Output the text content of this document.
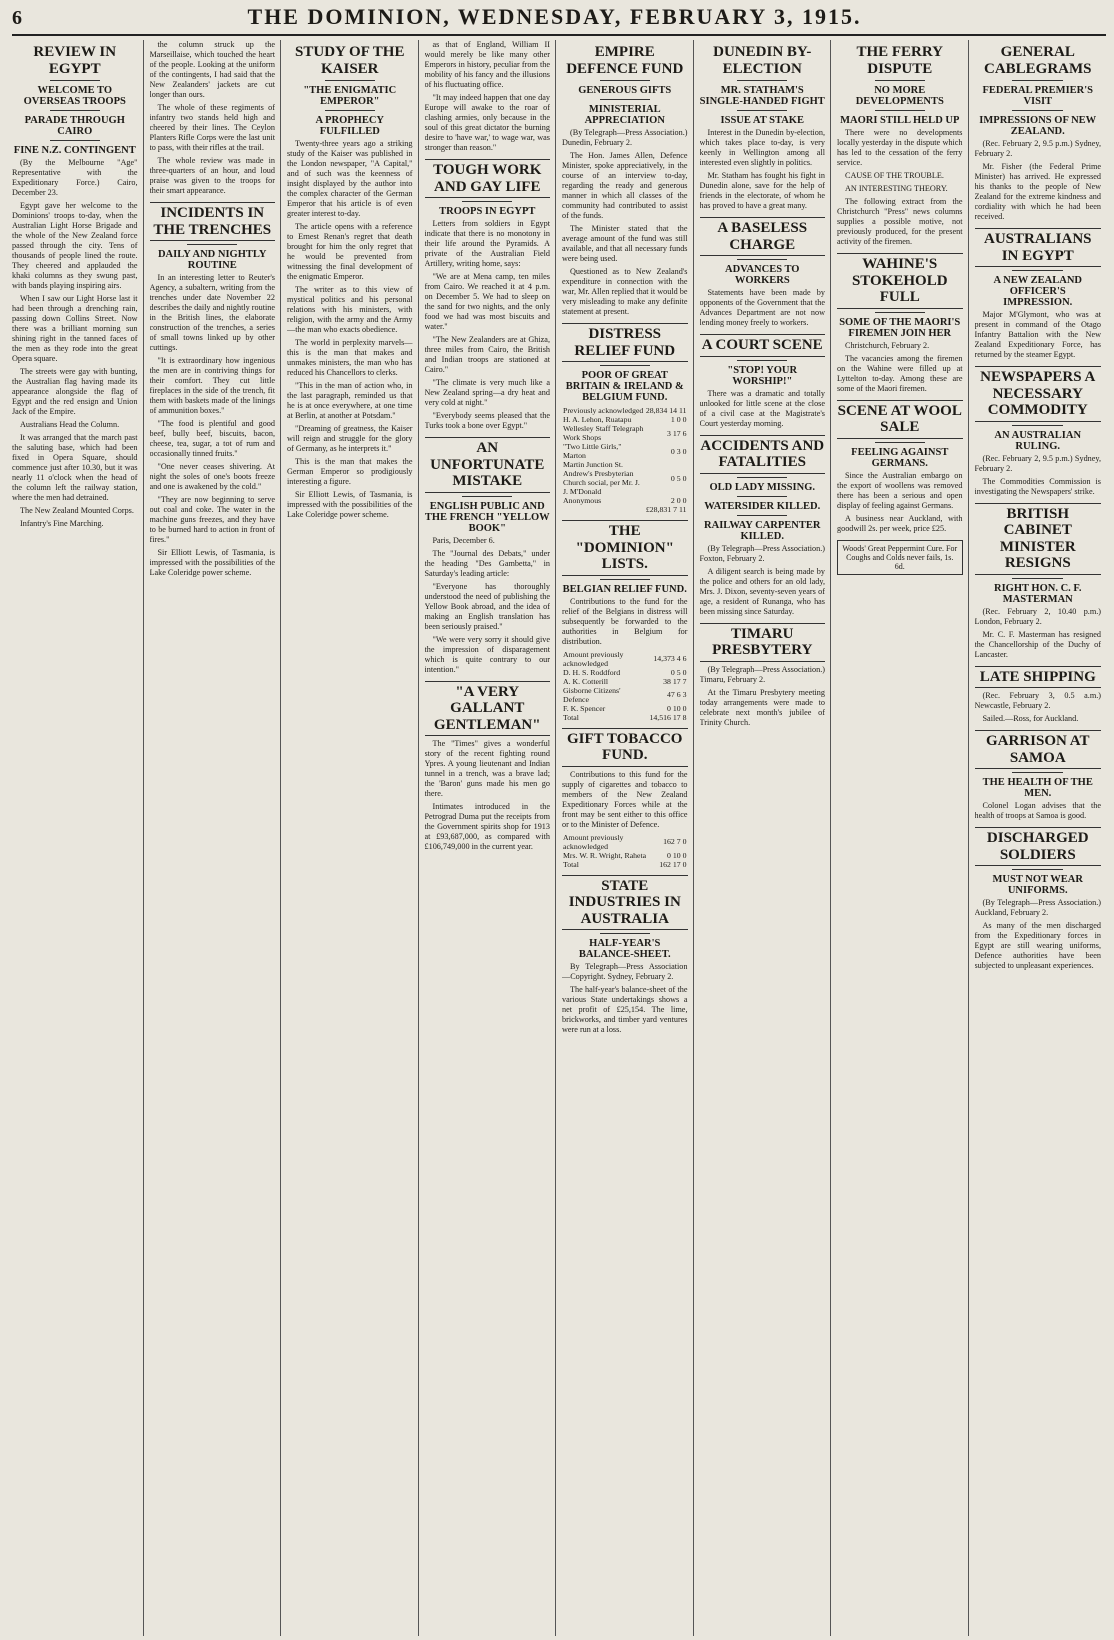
6	THE DOMINION, WEDNESDAY, FEBRUARY 3, 1915.
REVIEW IN EGYPT
WELCOME TO OVERSEAS TROOPS
PARADE THROUGH CAIRO
FINE N.Z. CONTINGENT

(By the Melbourne "Age" Representative with the Expeditionary Force.) Cairo, December 23.

Egypt gave her welcome to the Dominions' troops to-day, when the Australian Light Horse Brigade and the whole of the New Zealand force passed through the city. Tens of thousands of people lined the route. They cheered and applauded the khaki columns as they swung past, with bands playing inspiring airs.

When I saw our Light Horse last it had been through a drenching rain, passing down Collins Street. Now there was a brilliant morning sun shining right in the tanned faces of the men as they rode into the great Opera square.

The streets were gay with bunting, the Australian flag having made its appearance alongside the flag of Egypt and the red ensign and Union Jack of the Empire.

Australians Head the Column.

It was arranged that the march past the saluting base, which had been fixed in Opera Square, should commence just after 10.30, but it was nearly 11 o'clock when the head of the column left the railway station, where the men had detrained.

The New Zealand Mounted Corps.

Infantry's Fine Marching.

the column struck up the Marseillaise, which touched the heart of the people. Looking at the uniform of the contingents, I had said that the New Zealanders' jackets are cut longer than ours.

The whole of these regiments of infantry two stands held high and cheered by their lines. The Ceylon Planters Rifle Corps were the last unit to pass, with their rifles at the trail.

The whole review was made in three-quarters of an hour, and loud praise was given to the troops for their smart appearance.

INCIDENTS IN THE TRENCHES
DAILY AND NIGHTLY ROUTINE

In an interesting letter to Reuter's Agency, a subaltern, writing from the trenches under date November 22 describes the daily and nightly routine in the British lines, the elaborate construction of the trenches, a series of small towns linked up by other cuttings.

"It is extraordinary how ingenious the men are in contriving things for their comfort. They cut little fireplaces in the side of the trench, fit them with baskets made of the linings of ammunition boxes."

"The food is plentiful and good beef, bully beef, biscuits, bacon, cheese, tea, sugar, a tot of rum and occasionally tinned fruits."

"One never ceases shivering. At night the soles of one's boots freeze and one is awakened by the cold."

"They are now beginning to serve out coal and coke. The water in the machine guns freezes, and they have to be burned hard to action in front of fires."

Sir Elliott Lewis, of Tasmania, is impressed with the possibilities of the Lake Coleridge power scheme.

STUDY OF THE KAISER
"THE ENIGMATIC EMPEROR"
A PROPHECY FULFILLED

Twenty-three years ago a striking study of the Kaiser was published in the London newspaper, "A Capital," and of such was the keenness of insight displayed by the author into the complex character of the German Emperor that his article is of even greater interest to-day.

The article opens with a reference to Ernest Renan's regret that death brought for him the only regret that he would be prevented from witnessing the final development of the enigmatic Emperor.

The writer as to this view of mystical politics and his personal relations with his ministers, with religion, with the army and the Army—the man who exacts obedience.

The world in perplexity marvels—this is the man that makes and unmakes ministers, the man who has reduced his Chancellors to clerks.

"This in the man of action who, in the last paragraph, reminded us that he is at once everywhere, at one time at Berlin, at another at Potsdam."

"Dreaming of greatness, the Kaiser will reign and struggle for the glory of Germany, as he interprets it."

This is the man that makes the German Emperor so prodigiously interesting a figure.

Sir Elliott Lewis, of Tasmania, is impressed with the possibilities of the Lake Coleridge power scheme.

as that of England, William II would merely be like many other Emperors in history, peculiar from the mobility of his fancy and the illusions of his fluctuating office.

"It may indeed happen that one day Europe will awake to the roar of clashing armies, only because in the soul of this great dictator the burning desire to 'have war,' to wage war, was stronger than reason."

TOUGH WORK AND GAY LIFE
TROOPS IN EGYPT

Letters from soldiers in Egypt indicate that there is no monotony in their life around the Pyramids. A private of the Australian Field Artillery, writing home, says:

"We are at Mena camp, ten miles from Cairo. We reached it at 4 p.m. on December 5. We had to sleep on the sand for two nights, and the only food we had was most biscuits and water."

"The New Zealanders are at Ghiza, three miles from Cairo, the British and Indian troops are stationed at Cairo."

"The climate is very much like a New Zealand spring—a dry heat and very cold at night."

"Everybody seems pleased that the Turks took a bone over Egypt."

AN UNFORTUNATE MISTAKE
ENGLISH PUBLIC AND THE FRENCH "YELLOW BOOK"

Paris, December 6.

The "Journal des Debats," under the heading "Des Gambetta," in Saturday's leading article:

"Everyone has thoroughly understood the need of publishing the Yellow Book abroad, and the idea of making an English translation has been seriously praised."

"We were very sorry it should give the impression of disparagement which is quite contrary to our intention."

"A VERY GALLANT GENTLEMAN"

The "Times" gives a wonderful story of the recent fighting round Ypres. A young lieutenant and Indian tunnel in a trench, was a brave lad; the 'Baron' guns made his men go there.

Intimates introduced in the Petrograd Duma put the receipts from the Government spirits shop for 1913 at £93,687,000, as compared with £106,749,000 in the current year.

EMPIRE DEFENCE FUND
GENEROUS GIFTS
MINISTERIAL APPRECIATION

(By Telegraph—Press Association.) Dunedin, February 2.

The Hon. James Allen, Defence Minister, spoke appreciatively, in the course of an interview to-day, regarding the ready and generous manner in which all classes of the community had contributed to assist of the funds.

The Minister stated that the average amount of the fund was still available, and that all necessary funds were being used.

Questioned as to New Zealand's expenditure in connection with the war, Mr. Allen replied that it would be very misleading to make any definite statement at present.

DISTRESS RELIEF FUND
POOR OF GREAT BRITAIN & IRELAND & BELGIUM FUND.
Previously acknowledged	28,834 14 11
H. A. Lehon, Ruatapu	1 0 0
Wellesley Staff Telegraph Work Shops	3 17 6
"Two Little Girls," Marton	0 3 0
Martin Junction St. Andrew's Presbyterian Church social, per Mr. J. J. M'Donald	0 5 0
Anonymous	2 0 0
	£28,831 7 11
THE "DOMINION" LISTS.
BELGIAN RELIEF FUND.

Contributions to the fund for the relief of the Belgians in distress will subsequently be forwarded to the authorities in Belgium for distribution.

Amount previously acknowledged	14,373 4 6
D. H. S. Roddford	0 5 0
A. K. Cotterill	38 17 7
Gisborne Citizens' Defence	47 6 3
F. K. Spencer	0 10 0
Total	14,516 17 8
GIFT TOBACCO FUND.

Contributions to this fund for the supply of cigarettes and tobacco to members of the New Zealand Expeditionary Forces while at the front may be sent either to this office or to the Minister of Defence.

Amount previously acknowledged	162 7 0
Mrs. W. R. Wright, Raheta	0 10 0
Total	162 17 0
STATE INDUSTRIES IN AUSTRALIA
HALF-YEAR'S BALANCE-SHEET.

By Telegraph—Press Association—Copyright. Sydney, February 2.

The half-year's balance-sheet of the various State undertakings shows a net profit of £25,154. The lime, brickworks, and timber yard ventures were run at a loss.

DUNEDIN BY-ELECTION
MR. STATHAM'S SINGLE-HANDED FIGHT
ISSUE AT STAKE

Interest in the Dunedin by-election, which takes place to-day, is very keenly in Wellington among all interested even slightly in politics.

Mr. Statham has fought his fight in Dunedin alone, save for the help of friends in the electorate, of whom he has proved to have a great many.

A BASELESS CHARGE
ADVANCES TO WORKERS

Statements have been made by opponents of the Government that the Advances Department are not now lending money freely to workers.

A COURT SCENE
"STOP! YOUR WORSHIP!"

There was a dramatic and totally unlooked for little scene at the close of a civil case at the Magistrate's Court yesterday morning.

ACCIDENTS AND FATALITIES
OLD LADY MISSING.
WATERSIDER KILLED.
RAILWAY CARPENTER KILLED.

(By Telegraph—Press Association.) Foxton, February 2.

A diligent search is being made by the police and others for an old lady, Mrs. J. Dixon, seventy-seven years of age, a resident of Runanga, who has been missing since Saturday.

TIMARU PRESBYTERY

(By Telegraph—Press Association.) Timaru, February 2.

At the Timaru Presbytery meeting today arrangements were made to celebrate next month's jubilee of Trinity Church.

THE FERRY DISPUTE
NO MORE DEVELOPMENTS
MAORI STILL HELD UP

There were no developments locally yesterday in the dispute which has led to the cessation of the ferry service.

CAUSE OF THE TROUBLE.

AN INTERESTING THEORY.

The following extract from the Christchurch "Press" news columns supplies a possible motive, not previously produced, for the present activity of the firemen.

WAHINE'S STOKEHOLD FULL
SOME OF THE MAORI'S FIREMEN JOIN HER

Christchurch, February 2.

The vacancies among the firemen on the Wahine were filled up at Lyttelton to-day. Among these are some of the Maori firemen.

SCENE AT WOOL SALE
FEELING AGAINST GERMANS.

Since the Australian embargo on the export of woollens was removed there has been a serious and open display of feeling against Germans.

A business near Auckland, with goodwill 2s. per week, price £25.

Woods' Great Peppermint Cure. For Coughs and Colds never fails, 1s. 6d.
GENERAL CABLEGRAMS
FEDERAL PREMIER'S VISIT
IMPRESSIONS OF NEW ZEALAND.

(Rec. February 2, 9.5 p.m.) Sydney, February 2.

Mr. Fisher (the Federal Prime Minister) has arrived. He expressed his thanks to the people of New Zealand for the extreme kindness and cordiality with which he had been received.

AUSTRALIANS IN EGYPT
A NEW ZEALAND OFFICER'S IMPRESSION.

Major M'Glymont, who was at present in command of the Otago Infantry Battalion with the New Zealand Expeditionary Force, has returned by the steamer Egypt.

NEWSPAPERS A NECESSARY COMMODITY
AN AUSTRALIAN RULING.

(Rec. February 2, 9.5 p.m.) Sydney, February 2.

The Commodities Commission is investigating the Newspapers' strike.

BRITISH CABINET MINISTER RESIGNS
RIGHT HON. C. F. MASTERMAN

(Rec. February 2, 10.40 p.m.) London, February 2.

Mr. C. F. Masterman has resigned the Chancellorship of the Duchy of Lancaster.

LATE SHIPPING

(Rec. February 3, 0.5 a.m.) Newcastle, February 2.

Sailed.—Ross, for Auckland.

GARRISON AT SAMOA
THE HEALTH OF THE MEN.

Colonel Logan advises that the health of troops at Samoa is good.

DISCHARGED SOLDIERS
MUST NOT WEAR UNIFORMS.

(By Telegraph—Press Association.) Auckland, February 2.

As many of the men discharged from the Expeditionary forces in Egypt are still wearing uniforms, Defence authorities have been subjected to unpleasant experiences.
